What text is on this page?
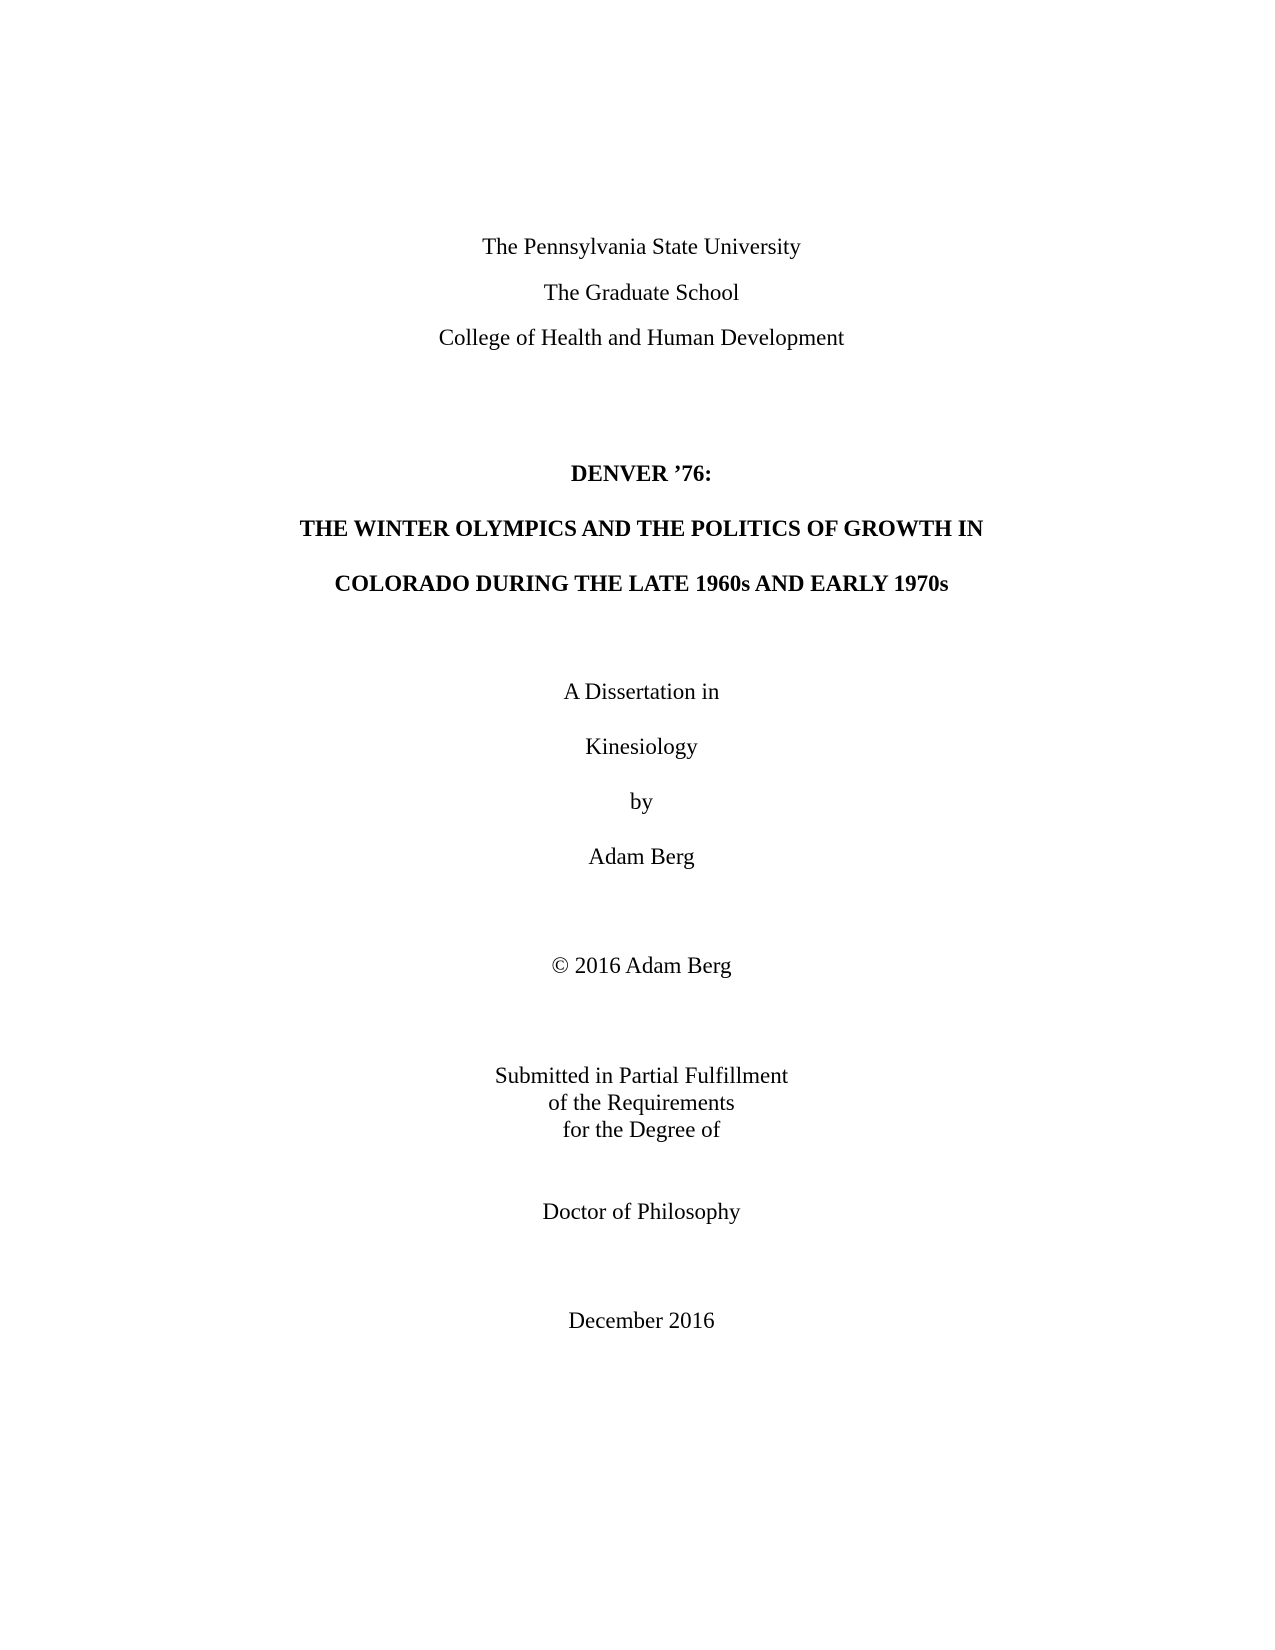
The Pennsylvania State University
The Graduate School
College of Health and Human Development
DENVER ’76:
THE WINTER OLYMPICS AND THE POLITICS OF GROWTH IN
COLORADO DURING THE LATE 1960s AND EARLY 1970s
A Dissertation in
Kinesiology
by
Adam Berg
© 2016 Adam Berg
Submitted in Partial Fulfillment
of the Requirements
for the Degree of
Doctor of Philosophy
December 2016
